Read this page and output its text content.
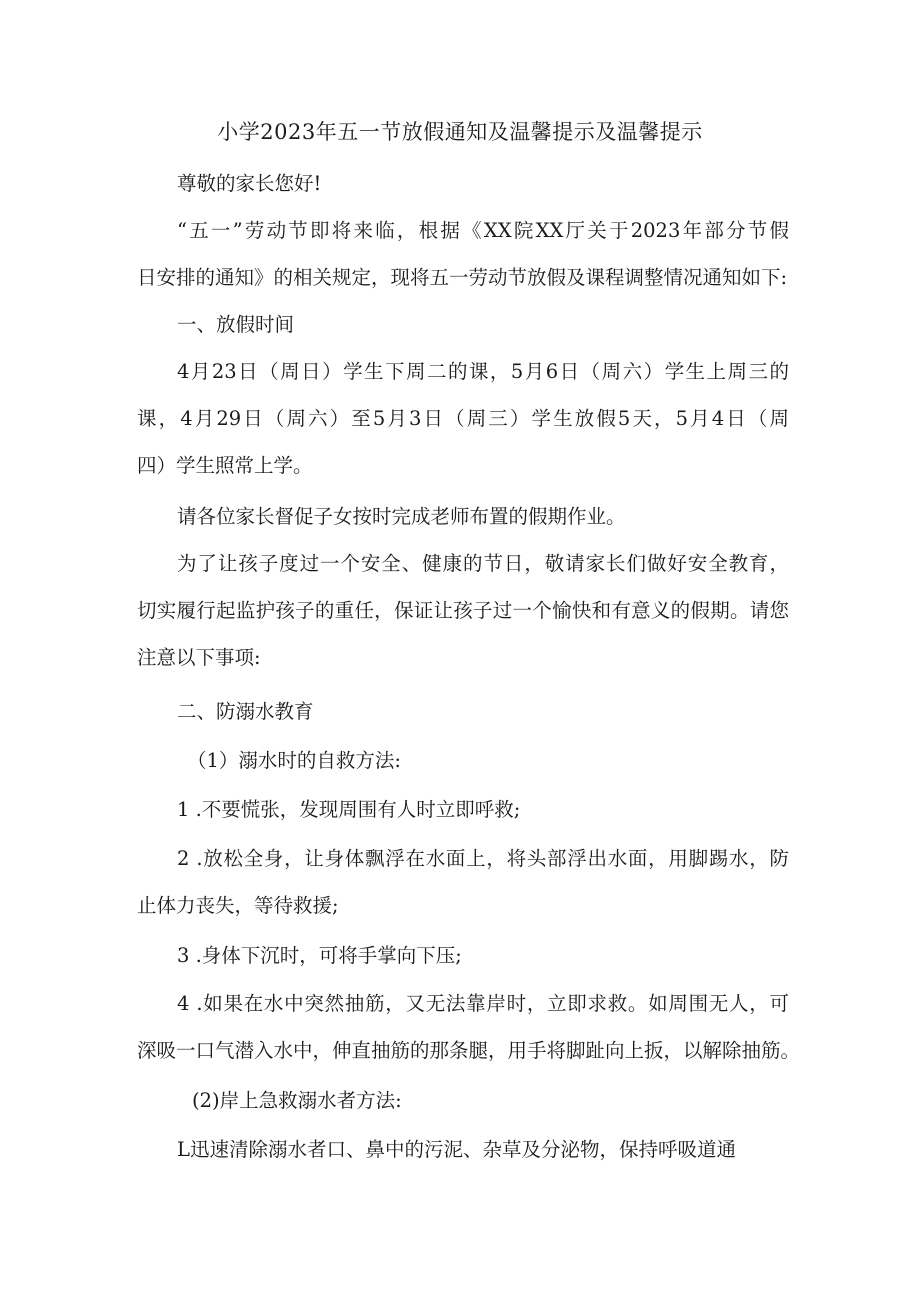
小学2023年五一节放假通知及温馨提示及温馨提示
尊敬的家长您好!
“五一”劳动节即将来临，根据《XX院XX厅关于2023年部分节假
日安排的通知》的相关规定，现将五一劳动节放假及课程调整情况通知如下:
一、放假时间
4月23日（周日）学生下周二的课，5月6日（周六）学生上周三的
课，4月29日（周六）至5月3日（周三）学生放假5天，5月4日（周
四）学生照常上学。
请各位家长督促子女按时完成老师布置的假期作业。
为了让孩子度过一个安全、健康的节日，敬请家长们做好安全教育，
切实履行起监护孩子的重任，保证让孩子过一个愉快和有意义的假期。请您
注意以下事项:
二、防溺水教育
（1）溺水时的自救方法:
1 .不要慌张，发现周围有人时立即呼救;
2 .放松全身，让身体飘浮在水面上，将头部浮出水面，用脚踢水，防
止体力丧失，等待救援;
3 .身体下沉时，可将手掌向下压;
4 .如果在水中突然抽筋，又无法靠岸时，立即求救。如周围无人，可
深吸一口气潜入水中，伸直抽筋的那条腿，用手将脚趾向上扳，以解除抽筋。
(2)岸上急救溺水者方法:
L迅速清除溺水者口、鼻中的污泥、杂草及分泌物，保持呼吸道通
